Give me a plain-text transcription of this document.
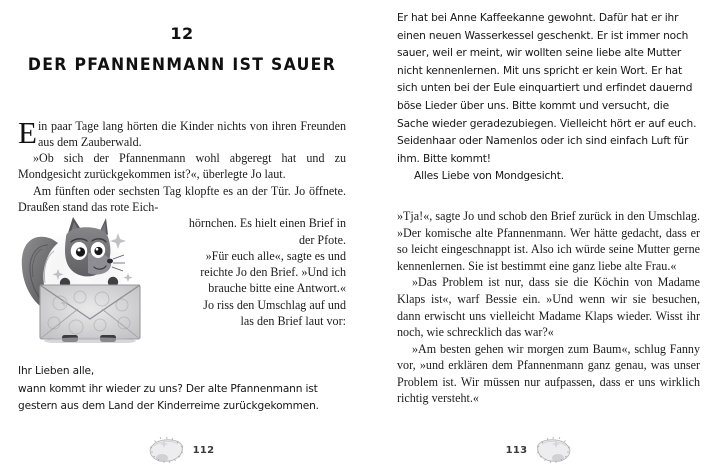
12
DER PFANNENMANN IST SAUER

Ein paar Tage lang hörten die Kinder nichts von ihren Freunden aus dem Zauberwald.

»Ob sich der Pfannenmann wohl abgeregt hat und zu Mondgesicht zurückgekommen ist?«, überlegte Jo laut.

Am fünften oder sechsten Tag klopfte es an der Tür. Jo öffnete. Draußen stand das rote Eich-

hörnchen. Es hielt einen Brief in

der Pfote.

»Für euch alle«, sagte es und

reichte Jo den Brief. »Und ich

brauche bitte eine Antwort.«

Jo riss den Umschlag auf und

las den Brief laut vor:

Ihr Lieben alle,
wann kommt ihr wieder zu uns? Der alte Pfannenmann ist
gestern aus dem Land der Kinderreime zurückgekommen.
112
Er hat bei Anne Kaffeekanne gewohnt. Dafür hat er ihr
einen neuen Wasserkessel geschenkt. Er ist immer noch
sauer, weil er meint, wir wollten seine liebe alte Mutter
nicht kennenlernen. Mit uns spricht er kein Wort. Er hat
sich unten bei der Eule einquartiert und erfindet dauernd
böse Lieder über uns. Bitte kommt und versucht, die
Sache wieder geradezubiegen. Vielleicht hört er auf euch.
Seidenhaar oder Namenlos oder ich sind einfach Luft für
ihm. Bitte kommt!
Alles Liebe von Mondgesicht.

»Tja!«, sagte Jo und schob den Brief zurück in den Umschlag. »Der komische alte Pfannenmann. Wer hätte gedacht, dass er so leicht eingeschnappt ist. Also ich würde seine Mutter gerne kennenlernen. Sie ist bestimmt eine ganz liebe alte Frau.«

»Das Problem ist nur, dass sie die Köchin von Madame Klaps ist«, warf Bessie ein. »Und wenn wir sie besuchen, dann erwischt uns vielleicht Madame Klaps wieder. Wisst ihr noch, wie schrecklich das war?«

»Am besten gehen wir morgen zum Baum«, schlug Fanny vor, »und erklären dem Pfannenmann ganz genau, was unser Problem ist. Wir müssen nur aufpassen, dass er uns wirklich richtig versteht.«

113
